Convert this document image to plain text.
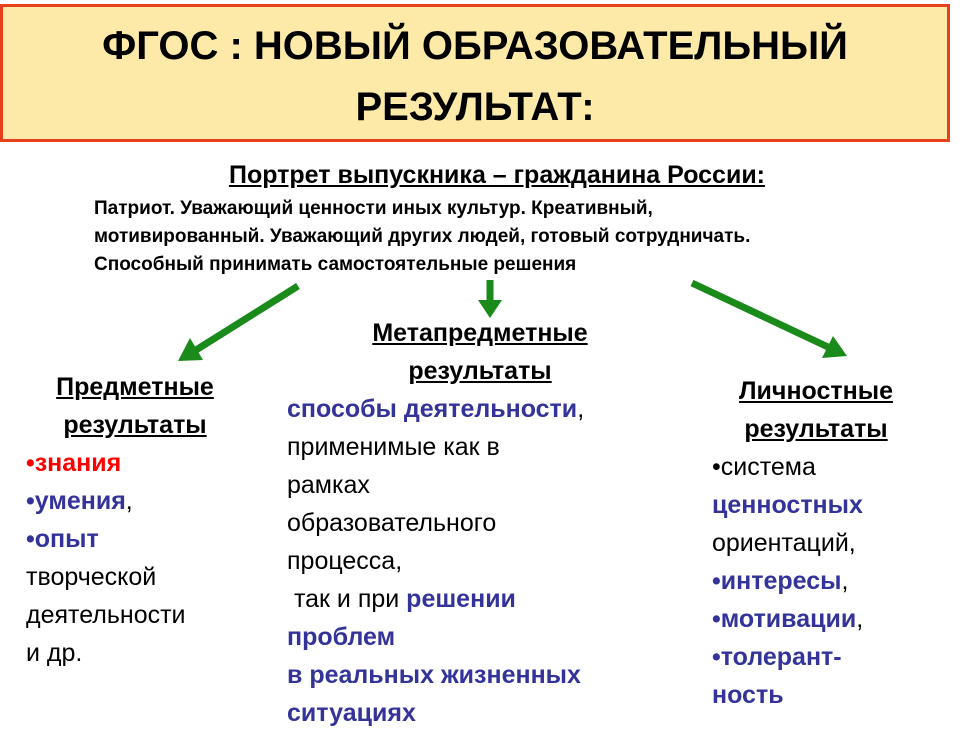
ФГОС : НОВЫЙ ОБРАЗОВАТЕЛЬНЫЙ
РЕЗУЛЬТАТ:
Портрет выпускника – гражданина России:
Патриот. Уважающий ценности иных культур. Креативный,
мотивированный. Уважающий других людей, готовый сотрудничать.
Способный принимать самостоятельные решения
Предметные
результаты
•знания
•умения,
•опыт
творческой
деятельности
и др.
Метапредметные
результаты
способы деятельности,
применимые как в
рамках
образовательного
процесса,
так и при решении
проблем
в реальных жизненных
ситуациях
Личностные
результаты
•система
ценностных
ориентаций,
•интересы,
•мотивации,
•толерант-
ность
